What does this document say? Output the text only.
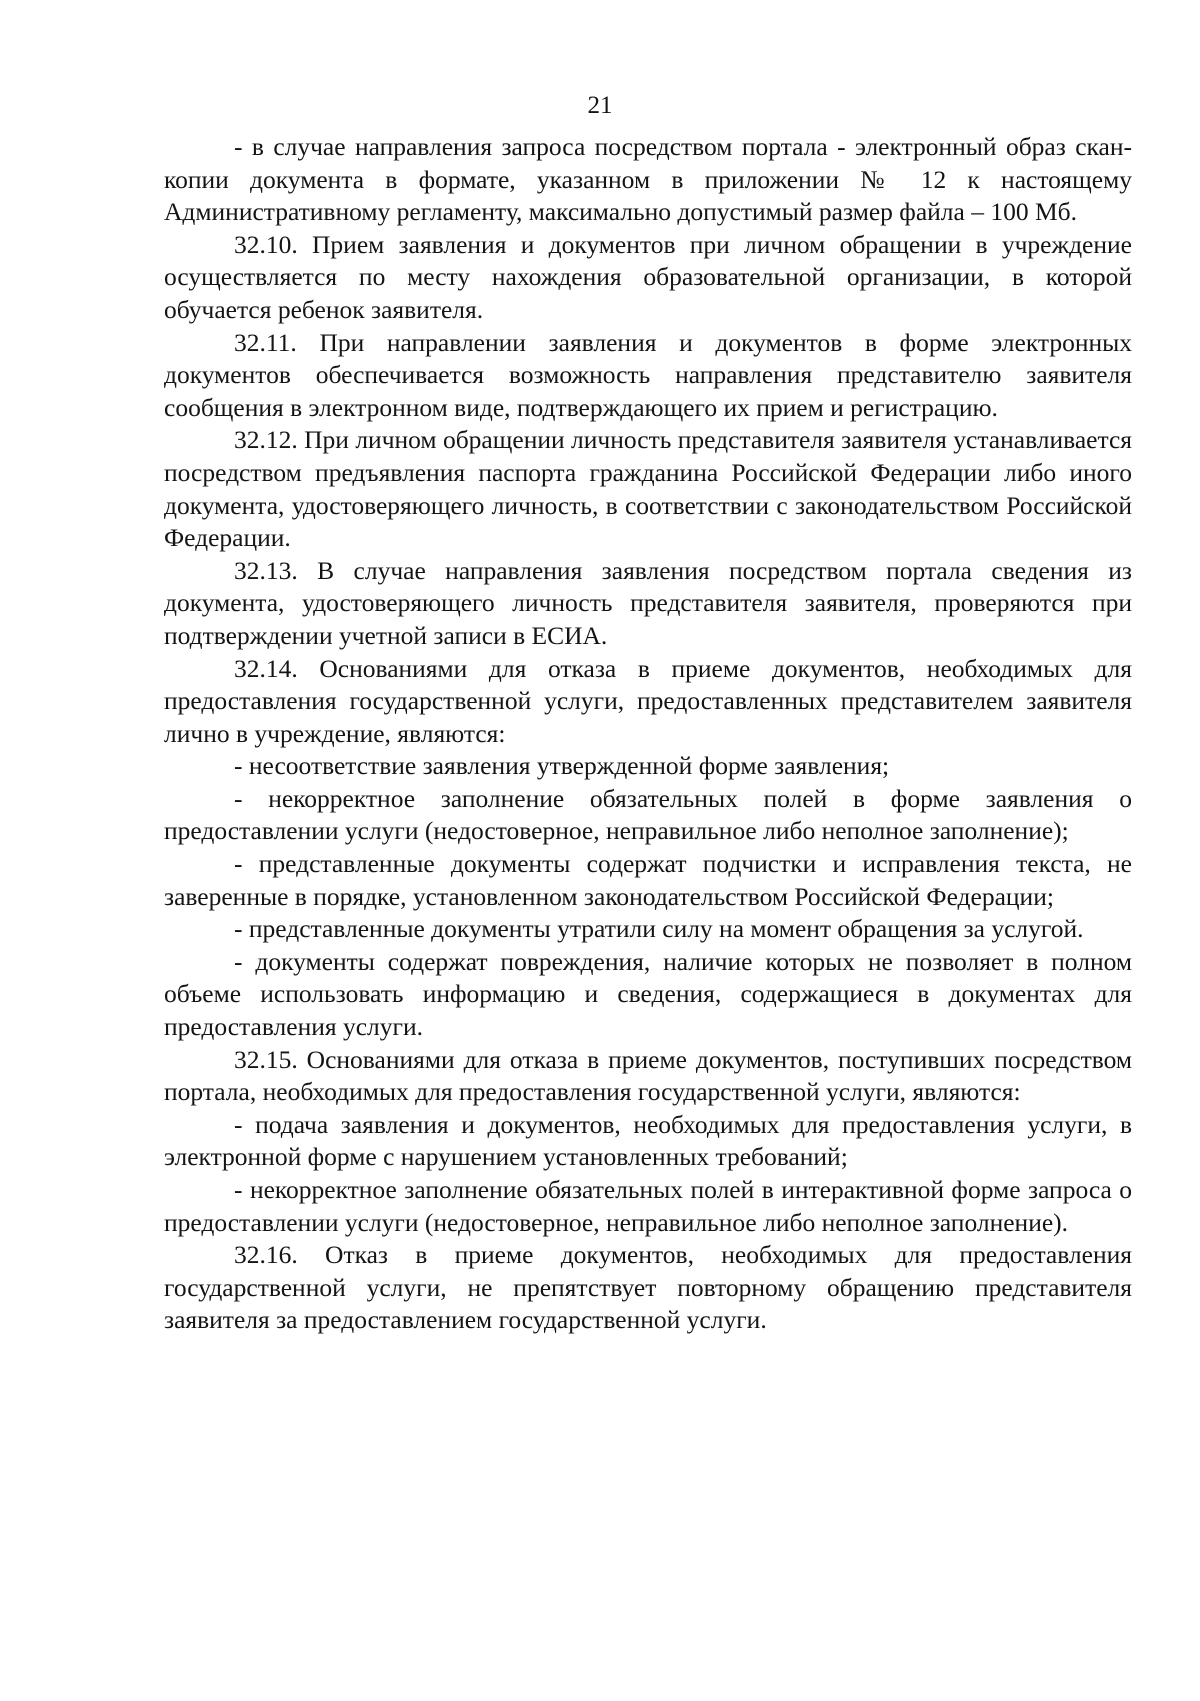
21

- в случае направления запроса посредством портала - электронный образ скан-копии документа в формате, указанном в приложении № 12 к настоящему Административному регламенту, максимально допустимый размер файла – 100 Мб.

32.10. Прием заявления и документов при личном обращении в учреждение осуществляется по месту нахождения образовательной организации, в которой обучается ребенок заявителя.

32.11. При направлении заявления и документов в форме электронных документов обеспечивается возможность направления представителю заявителя сообщения в электронном виде, подтверждающего их прием и регистрацию.

32.12. При личном обращении личность представителя заявителя устанавливается посредством предъявления паспорта гражданина Российской Федерации либо иного документа, удостоверяющего личность, в соответствии с законодательством Российской Федерации.

32.13. В случае направления заявления посредством портала сведения из документа, удостоверяющего личность представителя заявителя, проверяются при подтверждении учетной записи в ЕСИА.

32.14. Основаниями для отказа в приеме документов, необходимых для предоставления государственной услуги, предоставленных представителем заявителя лично в учреждение, являются:

- несоответствие заявления утвержденной форме заявления;

- некорректное заполнение обязательных полей в форме заявления о предоставлении услуги (недостоверное, неправильное либо неполное заполнение);

- представленные документы содержат подчистки и исправления текста, не заверенные в порядке, установленном законодательством Российской Федерации;

- представленные документы утратили силу на момент обращения за услугой.

- документы содержат повреждения, наличие которых не позволяет в полном объеме использовать информацию и сведения, содержащиеся в документах для предоставления услуги.

32.15. Основаниями для отказа в приеме документов, поступивших посредством портала, необходимых для предоставления государственной услуги, являются:

- подача заявления и документов, необходимых для предоставления услуги, в электронной форме с нарушением установленных требований;

- некорректное заполнение обязательных полей в интерактивной форме запроса о предоставлении услуги (недостоверное, неправильное либо неполное заполнение).

32.16. Отказ в приеме документов, необходимых для предоставления государственной услуги, не препятствует повторному обращению представителя заявителя за предоставлением государственной услуги.
